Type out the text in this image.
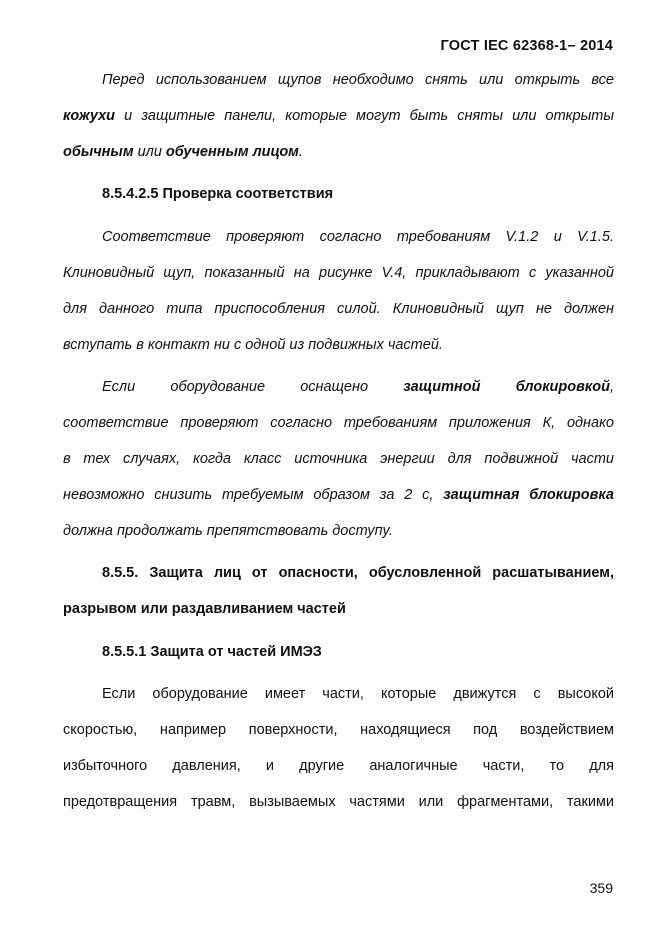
ГОСТ IEC 62368-1– 2014
Перед использованием щупов необходимо снять или открыть все
кожухи и защитные панели, которые могут быть сняты или открыты
обычным или обученным лицом.
8.5.4.2.5 Проверка соответствия
Соответствие проверяют согласно требованиям V.1.2 и V.1.5.
Клиновидный щуп, показанный на рисунке V.4, прикладывают с указанной
для данного типа приспособления силой. Клиновидный щуп не должен
вступать в контакт ни с одной из подвижных частей.
Если оборудование оснащено защитной блокировкой,
соответствие проверяют согласно требованиям приложения К, однако
в тех случаях, когда класс источника энергии для подвижной части
невозможно снизить требуемым образом за 2 с, защитная блокировка
должна продолжать препятствовать доступу.
8.5.5. Защита лиц от опасности, обусловленной расшатыванием,
разрывом или раздавливанием частей
8.5.5.1 Защита от частей ИМЭЗ
Если оборудование имеет части, которые движутся с высокой
скоростью, например поверхности, находящиеся под воздействием
избыточного давления, и другие аналогичные части, то для
предотвращения травм, вызываемых частями или фрагментами, такими
359
